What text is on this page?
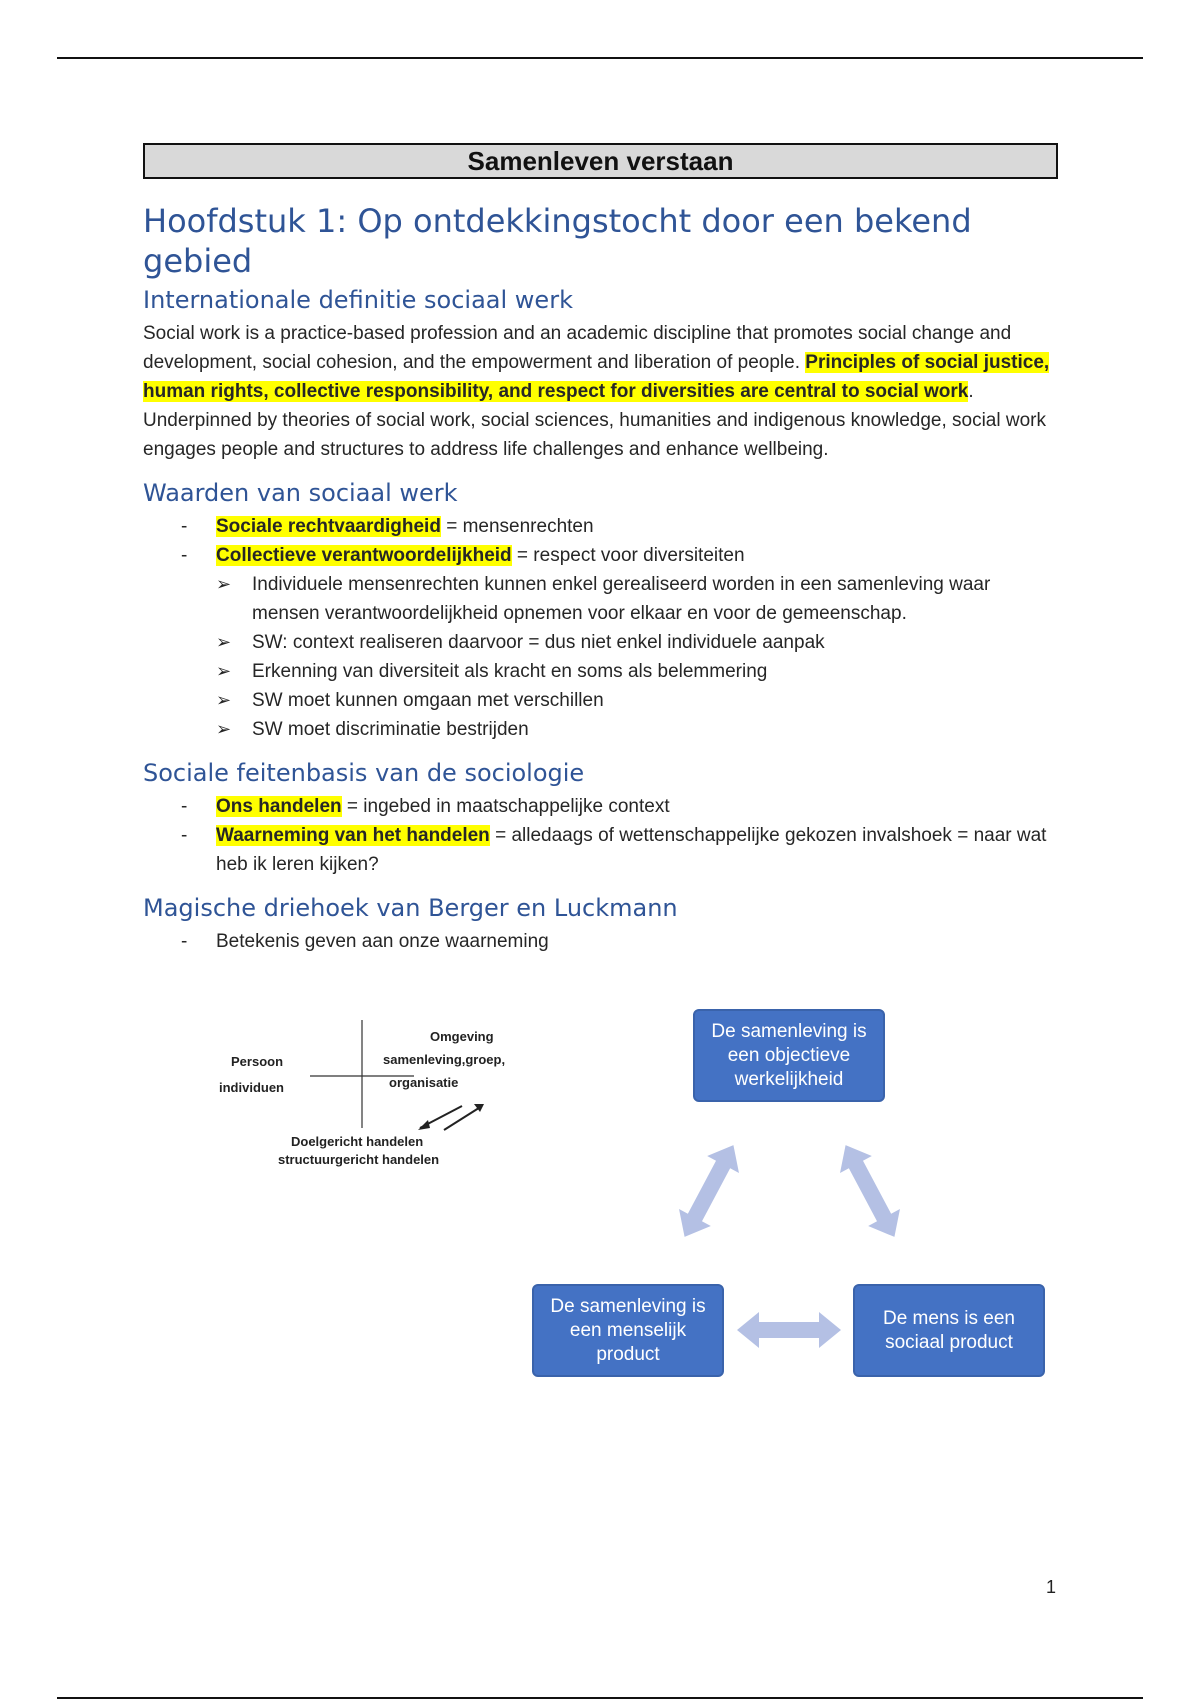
Samenleven verstaan
Hoofdstuk 1: Op ontdekkingstocht door een bekend gebied
Internationale definitie sociaal werk

Social work is a practice-based profession and an academic discipline that promotes social change and development, social cohesion, and the empowerment and liberation of people. Principles of social justice, human rights, collective responsibility, and respect for diversities are central to social work. Underpinned by theories of social work, social sciences, humanities and indigenous knowledge, social work engages people and structures to address life challenges and enhance wellbeing.

Waarden van sociaal werk
- Sociale rechtvaardigheid = mensenrechten
- Collectieve verantwoordelijkheid = respect voor diversiteiten
➢ Individuele mensenrechten kunnen enkel gerealiseerd worden in een samenleving waar mensen verantwoordelijkheid opnemen voor elkaar en voor de gemeenschap.
➢ SW: context realiseren daarvoor = dus niet enkel individuele aanpak
➢ Erkenning van diversiteit als kracht en soms als belemmering
➢ SW moet kunnen omgaan met verschillen
➢ SW moet discriminatie bestrijden
Sociale feitenbasis van de sociologie
- Ons handelen = ingebed in maatschappelijke context
- Waarneming van het handelen = alledaags of wettenschappelijke gekozen invalshoek = naar wat heb ik leren kijken?
Magische driehoek van Berger en Luckmann
- Betekenis geven aan onze waarneming
Omgeving
samenleving,groep,
organisatie
Persoon
individuen
Doelgericht handelen
structuurgericht handelen
De samenleving is een objectieve werkelijkheid
De samenleving is een menselijk product
De mens is een sociaal product
1
